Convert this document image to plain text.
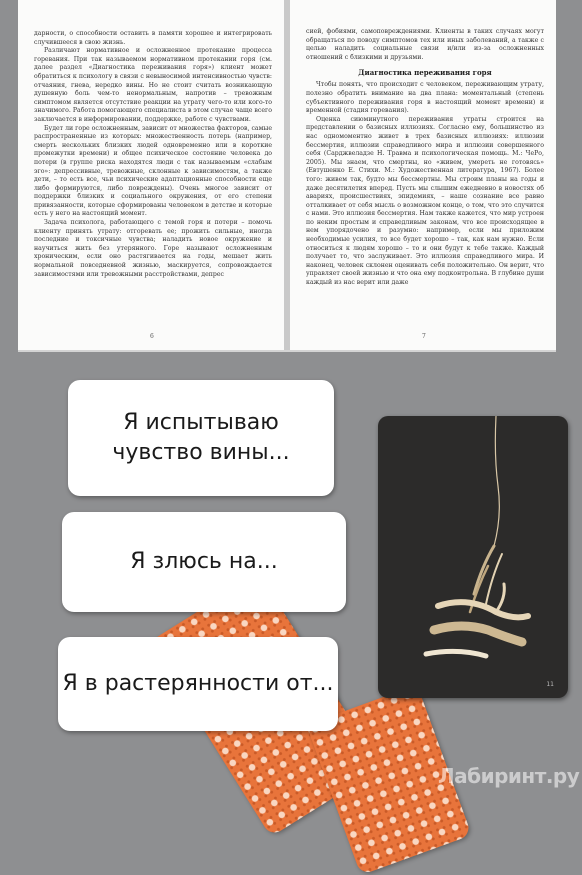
дарности, о способности оставить в памяти хорошее и интегрировать случившееся в свою жизнь.

Различают нормативное и осложненное протекание процесса горевания. При так называемом нормативном протекании горя (см. далее раздел «Диагностика переживания горя») клиент может обратиться к психологу в связи с невыносимой интенсивностью чувств: отчаяния, гнева, нередко вины. Но не стоит считать возникающую душевную боль чем-то ненормальным, напротив – тревожным симптомом является отсутствие реакции на утрату чего-то или кого-то значимого. Работа помогающего специалиста в этом случае чаще всего заключается в информировании, поддержке, работе с чувствами.

Будет ли горе осложненным, зависит от множества факторов, самые распространенные из которых: множественность потерь (например, смерть нескольких близких людей одновременно или в короткие промежутки времени) и общее психическое состояние человека до потери (в группе риска находятся люди с так называемым «слабым эго»: депрессивные, тревожные, склонные к зависимостям, а также дети, – то есть все, чьи психические адаптационные способности еще либо формируются, либо повреждены). Очень многое зависит от поддержки близких и социального окружения, от его степени привязанности, которые сформированы человеком в детстве и которые есть у него на настоящий момент.

Задача психолога, работающего с темой горя и потери – помочь клиенту принять утрату: отгоревать ее; прожить сильные, иногда последние и токсичные чувства; наладить новое окружение и научиться жить без утерянного. Горе называют осложненным хроническим, если оно растягивается на годы, мешает жить нормальной повседневной жизнью, маскируется, сопровождается зависимостями или тревожными расстройствами, депрес

6

сией, фобиями, самоповреждениями. Клиенты в таких случаях могут обращаться по поводу симптомов тех или иных заболеваний, а также с целью наладить социальные связи и/или из-за осложненных отношений с близкими и друзьями.

Диагностика переживания горя

Чтобы понять, что происходит с человеком, переживающим утрату, полезно обратить внимание на два плана: моментальный (степень субъективного переживания горя в настоящий момент времени) и временной (стадия горевания).

Оценка сиюминутного переживания утраты строится на представлении о базисных иллюзиях. Согласно ему, большинство из нас одномоментно живет в трех базисных иллюзиях: иллюзии бессмертия, иллюзии справедливого мира и иллюзии совершенного себя (Сарджвеладзе Н. Травма и психологическая помощь. М.: ЧеРо, 2005). Мы знаем, что смертны, но «живем, умереть не готовясь» (Евтушенко Е. Стихи. М.: Художественная литература, 1967). Более того: живем так, будто мы бессмертны. Мы строим планы на годы и даже десятилетия вперед. Пусть мы слышим ежедневно в новостях об авариях, происшествиях, эпидемиях, – наше сознание все равно отталкивает от себя мысль о возможном конце, о том, что это случится с нами. Это иллюзия бессмертия. Нам также кажется, что мир устроен по неким простым и справедливым законам, что все происходящее в нем упорядочено и разумно: например, если мы приложим необходимые усилия, то все будет хорошо – так, как нам нужно. Если относиться к людям хорошо – то и они будут к тебе также. Каждый получает то, что заслуживает. Это иллюзия справедливого мира. И наконец, человек склонен оценивать себя положительно. Он верит, что управляет своей жизнью и что она ему подконтрольна. В глубине души каждый из нас верит или даже

7
11
Я испытываю чувство вины...
Я злюсь на...
Я в растерянности от...
Лабиринт.ру
